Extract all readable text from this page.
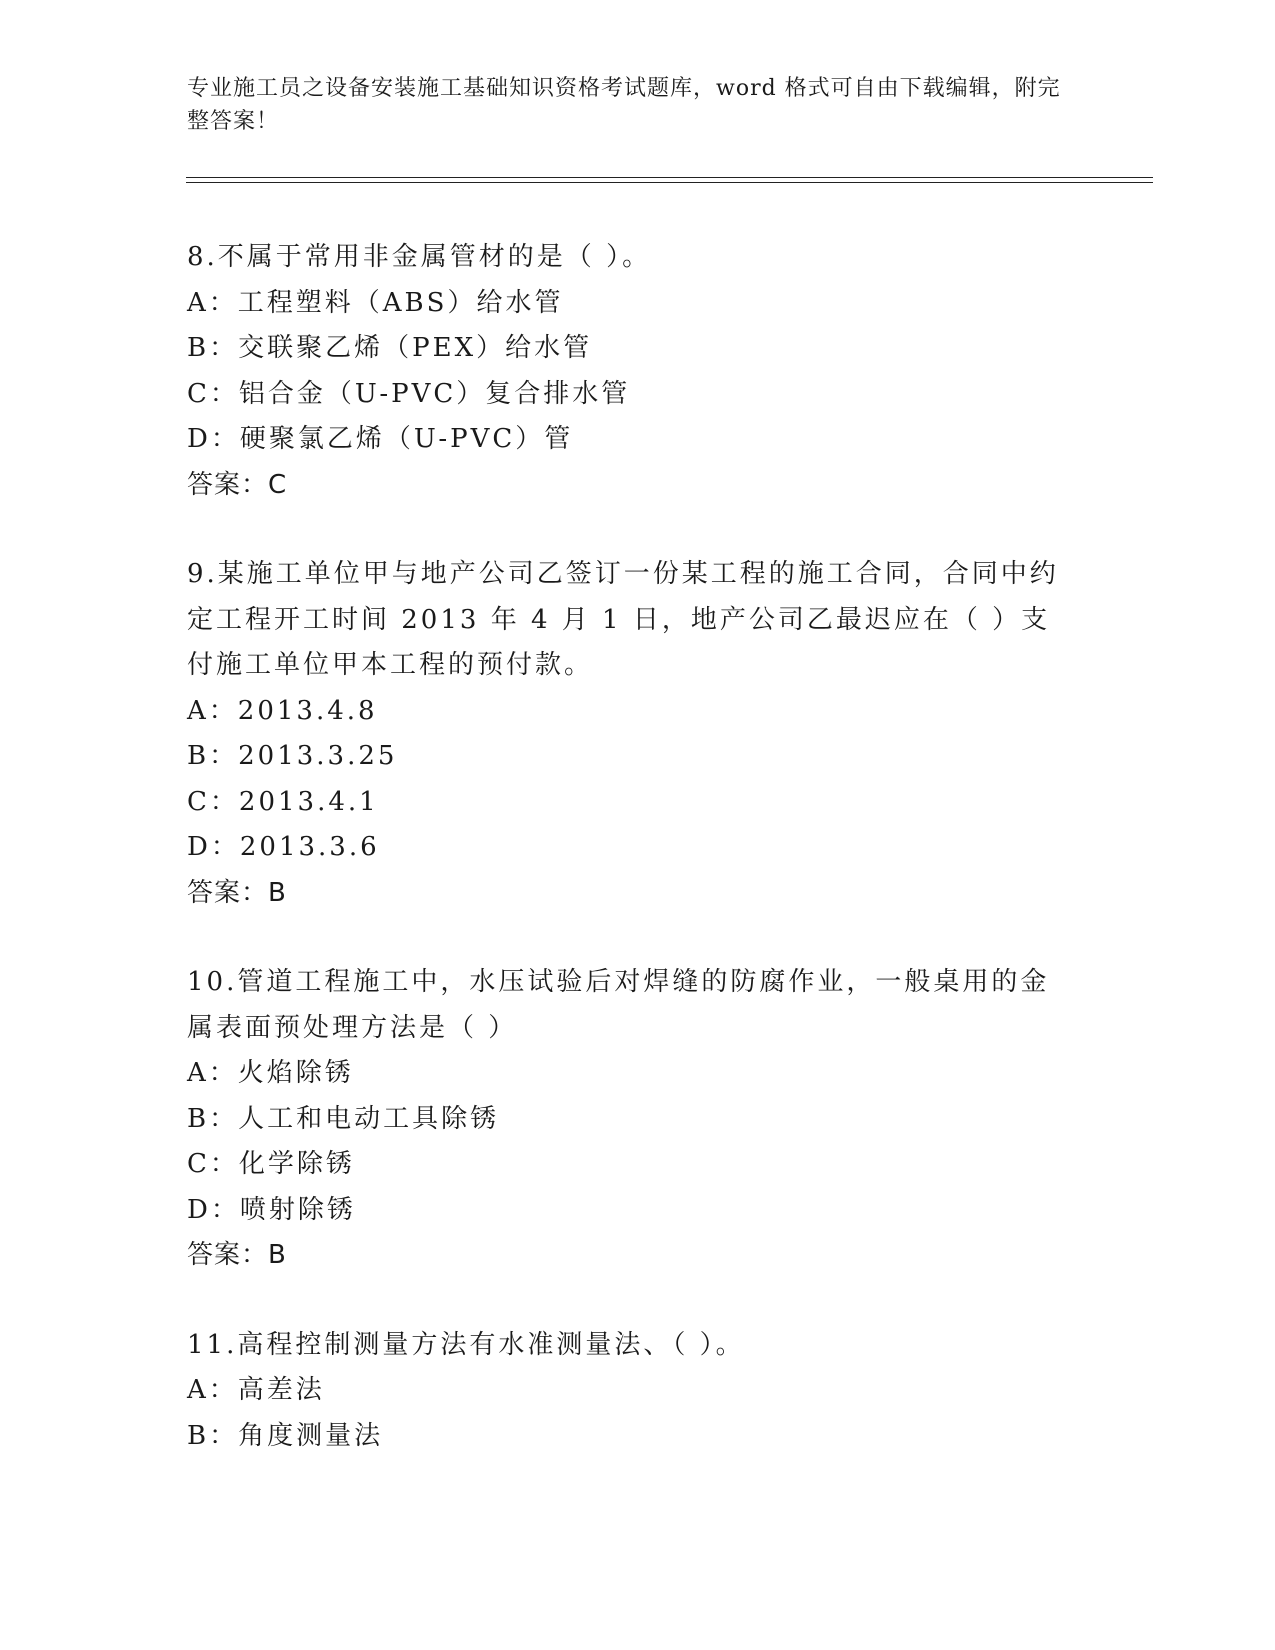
专业施工员之设备安装施工基础知识资格考试题库，word 格式可自由下载编辑，附完整答案！
8.不属于常用非金属管材的是（ ）。
A：工程塑料（ABS）给水管
B：交联聚乙烯（PEX）给水管
C：铝合金（U-PVC）复合排水管
D：硬聚氯乙烯（U-PVC）管
答案：C
9.某施工单位甲与地产公司乙签订一份某工程的施工合同，合同中约定工程开工时间 2013 年 4 月 1 日，地产公司乙最迟应在（ ）支付施工单位甲本工程的预付款。
A：2013.4.8
B：2013.3.25
C：2013.4.1
D：2013.3.6
答案：B
10.管道工程施工中，水压试验后对焊缝的防腐作业，一般桌用的金属表面预处理方法是（ ）
A：火焰除锈
B：人工和电动工具除锈
C：化学除锈
D：喷射除锈
答案：B
11.高程控制测量方法有水准测量法、（ ）。
A：高差法
B：角度测量法
